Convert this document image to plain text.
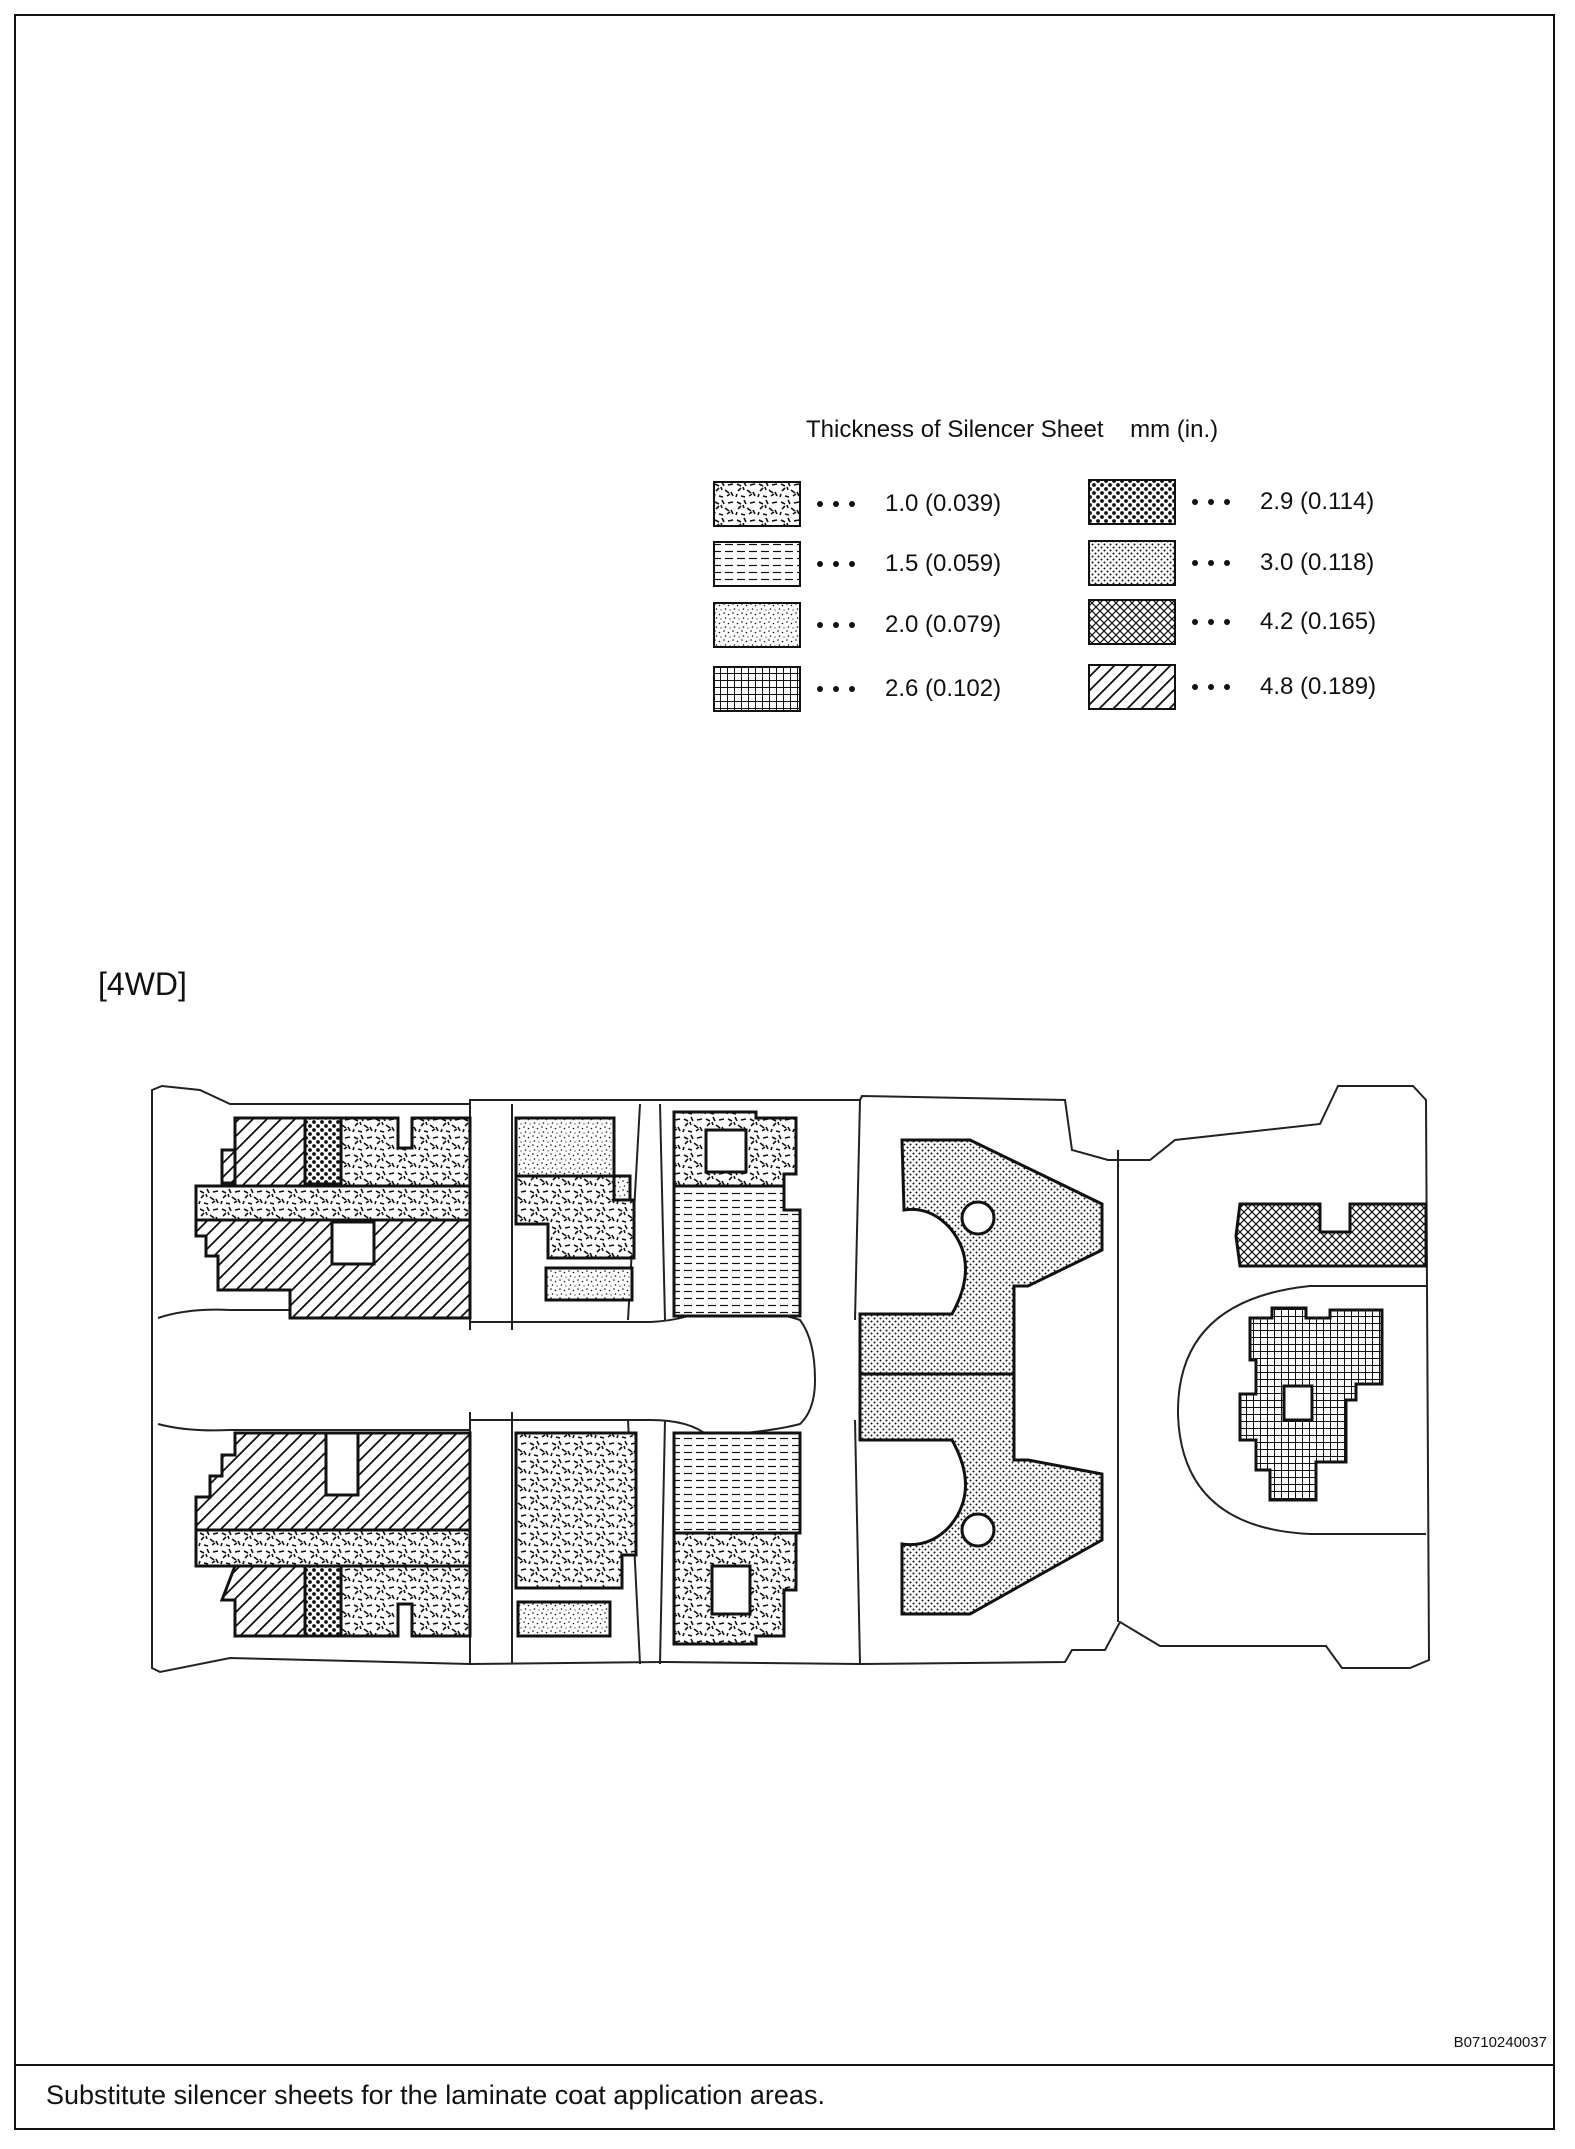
Thickness of Silencer Sheet    mm (in.)
1.0 (0.039)
1.5 (0.059)
2.0 (0.079)
2.6 (0.102)
2.9 (0.114)
3.0 (0.118)
4.2 (0.165)
4.8 (0.189)
[4WD]
B0710240037
Substitute silencer sheets for the laminate coat application areas.
